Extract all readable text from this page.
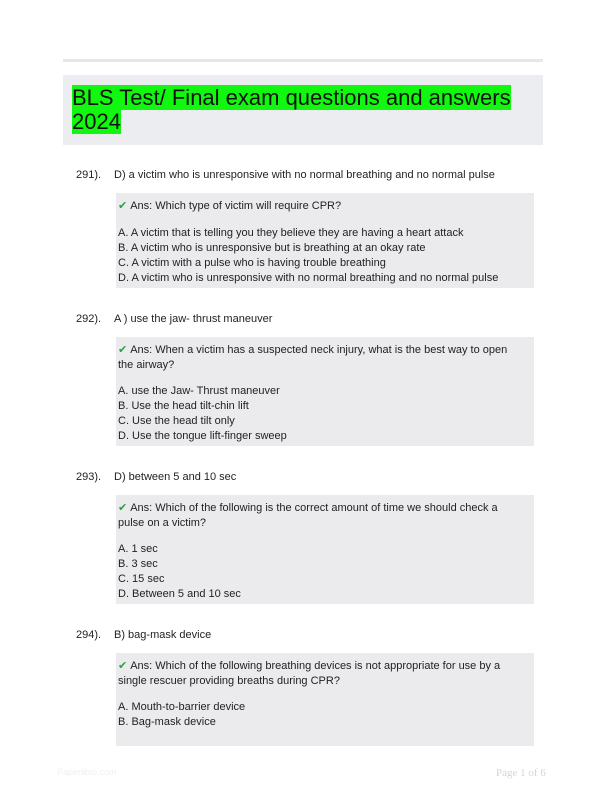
BLS Test/ Final exam questions and answers 2024
291). D) a victim who is unresponsive with no normal breathing and no normal pulse
✔ Ans: Which type of victim will require CPR?
A. A victim that is telling you they believe they are having a heart attack
B. A victim who is unresponsive but is breathing at an okay rate
C. A victim with a pulse who is having trouble breathing
D. A victim who is unresponsive with no normal breathing and no normal pulse
292). A ) use the jaw- thrust maneuver
✔ Ans: When a victim has a suspected neck injury, what is the best way to open the airway?
A. use the Jaw- Thrust maneuver
B. Use the head tilt-chin lift
C. Use the head tilt only
D. Use the tongue lift-finger sweep
293). D) between 5 and 10 sec
✔ Ans: Which of the following is the correct amount of time we should check a pulse on a victim?
A. 1 sec
B. 3 sec
C. 15 sec
D. Between 5 and 10 sec
294). B) bag-mask device
✔ Ans: Which of the following breathing devices is not appropriate for use by a single rescuer providing breaths during CPR?
A. Mouth-to-barrier device
B. Bag-mask device
Paperlibio.com	Page 1 of 6
